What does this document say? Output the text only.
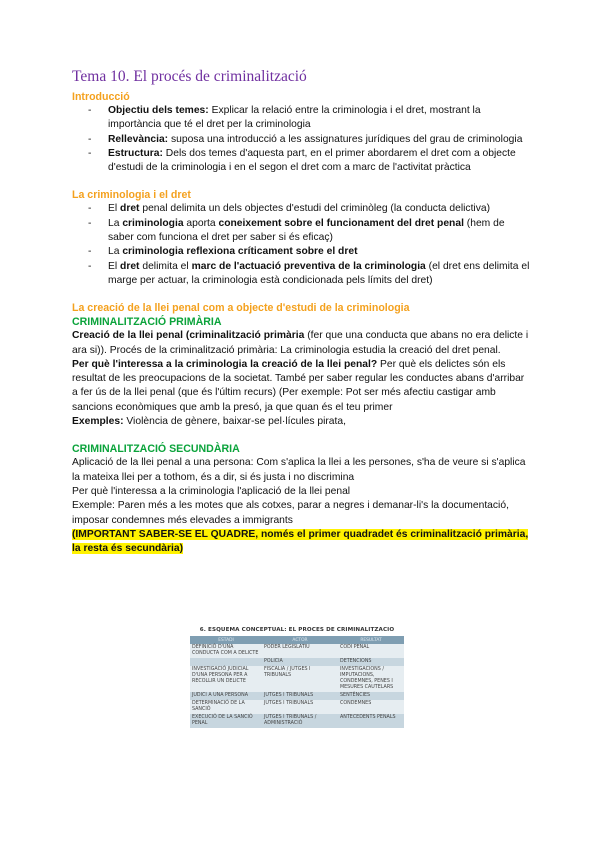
Tema 10. El procés de criminalització
Introducció
- Objectiu dels temes: Explicar la relació entre la criminologia i el dret, mostrant la importància que té el dret per la criminologia
- Rellevància: suposa una introducció a les assignatures jurídiques del grau de criminologia
- Estructura: Dels dos temes d'aquesta part, en el primer abordarem el dret com a objecte d'estudi de la criminologia i en el segon el dret com a marc de l'activitat pràctica
La criminologia i el dret
- El dret penal delimita un dels objectes d'estudi del criminòleg (la conducta delictiva)
- La criminologia aporta coneixement sobre el funcionament del dret penal (hem de saber com funciona el dret per saber si és eficaç)
- La criminologia reflexiona críticament sobre el dret
- El dret delimita el marc de l'actuació preventiva de la criminologia (el dret ens delimita el marge per actuar, la criminologia està condicionada pels límits del dret)
La creació de la llei penal com a objecte d'estudi de la criminologia
CRIMINALITZACIÓ PRIMÀRIA

Creació de la llei penal (criminalització primària (fer que una conducta que abans no era delicte i ara si)). Procés de la criminalització primària: La criminologia estudia la creació del dret penal.

Per què l'interessa a la criminologia la creació de la llei penal? Per què els delictes són els resultat de les preocupacions de la societat. També per saber regular les conductes abans d'arribar a fer ús de la llei penal (que és l'últim recurs) (Per exemple: Pot ser més afectiu castigar amb sancions econòmiques que amb la presó, ja que quan és el teu primer

Exemples: Violència de gènere, baixar-se pel·lícules pirata,

CRIMINALITZACIÓ SECUNDÀRIA

Aplicació de la llei penal a una persona: Com s'aplica la llei a les persones, s'ha de veure si s'aplica la mateixa llei per a tothom, és a dir, si és justa i no discrimina

Per què l'interessa a la criminologia l'aplicació de la llei penal

Exemple: Paren més a les motes que als cotxes, parar a negres i demanar-li's la documentació, imposar condemnes més elevades a immigrants

(IMPORTANT SABER-SE EL QUADRE, només el primer quadradet és criminalització primària, la resta és secundària)

6. ESQUEMA CONCEPTUAL: EL PROCES DE CRIMINALITZACIO
ESTADI	ACTOR	RESULTAT
DEFINICIÓ D'UNA CONDUCTA COM A DELICTE	PODER LEGISLATIU	CODI PENAL
	POLICIA	DETENCIONS
INVESTIGACIÓ JUDICIAL D'UNA PERSONA PER A RECOLLIR UN DELICTE	FISCALIA / JUTGES I TRIBUNALS	INVESTIGACIONS / IMPUTACIONS, CONDEMNES, PENES I MESURES CAUTELARS
JUDICI A UNA PERSONA	JUTGES I TRIBUNALS	SENTÈNCIES
DETERMINACIÓ DE LA SANCIÓ	JUTGES I TRIBUNALS	CONDEMNES
EXECUCIÓ DE LA SANCIÓ PENAL	JUTGES I TRIBUNALS / ADMINISTRACIÓ	ANTECEDENTS PENALS
